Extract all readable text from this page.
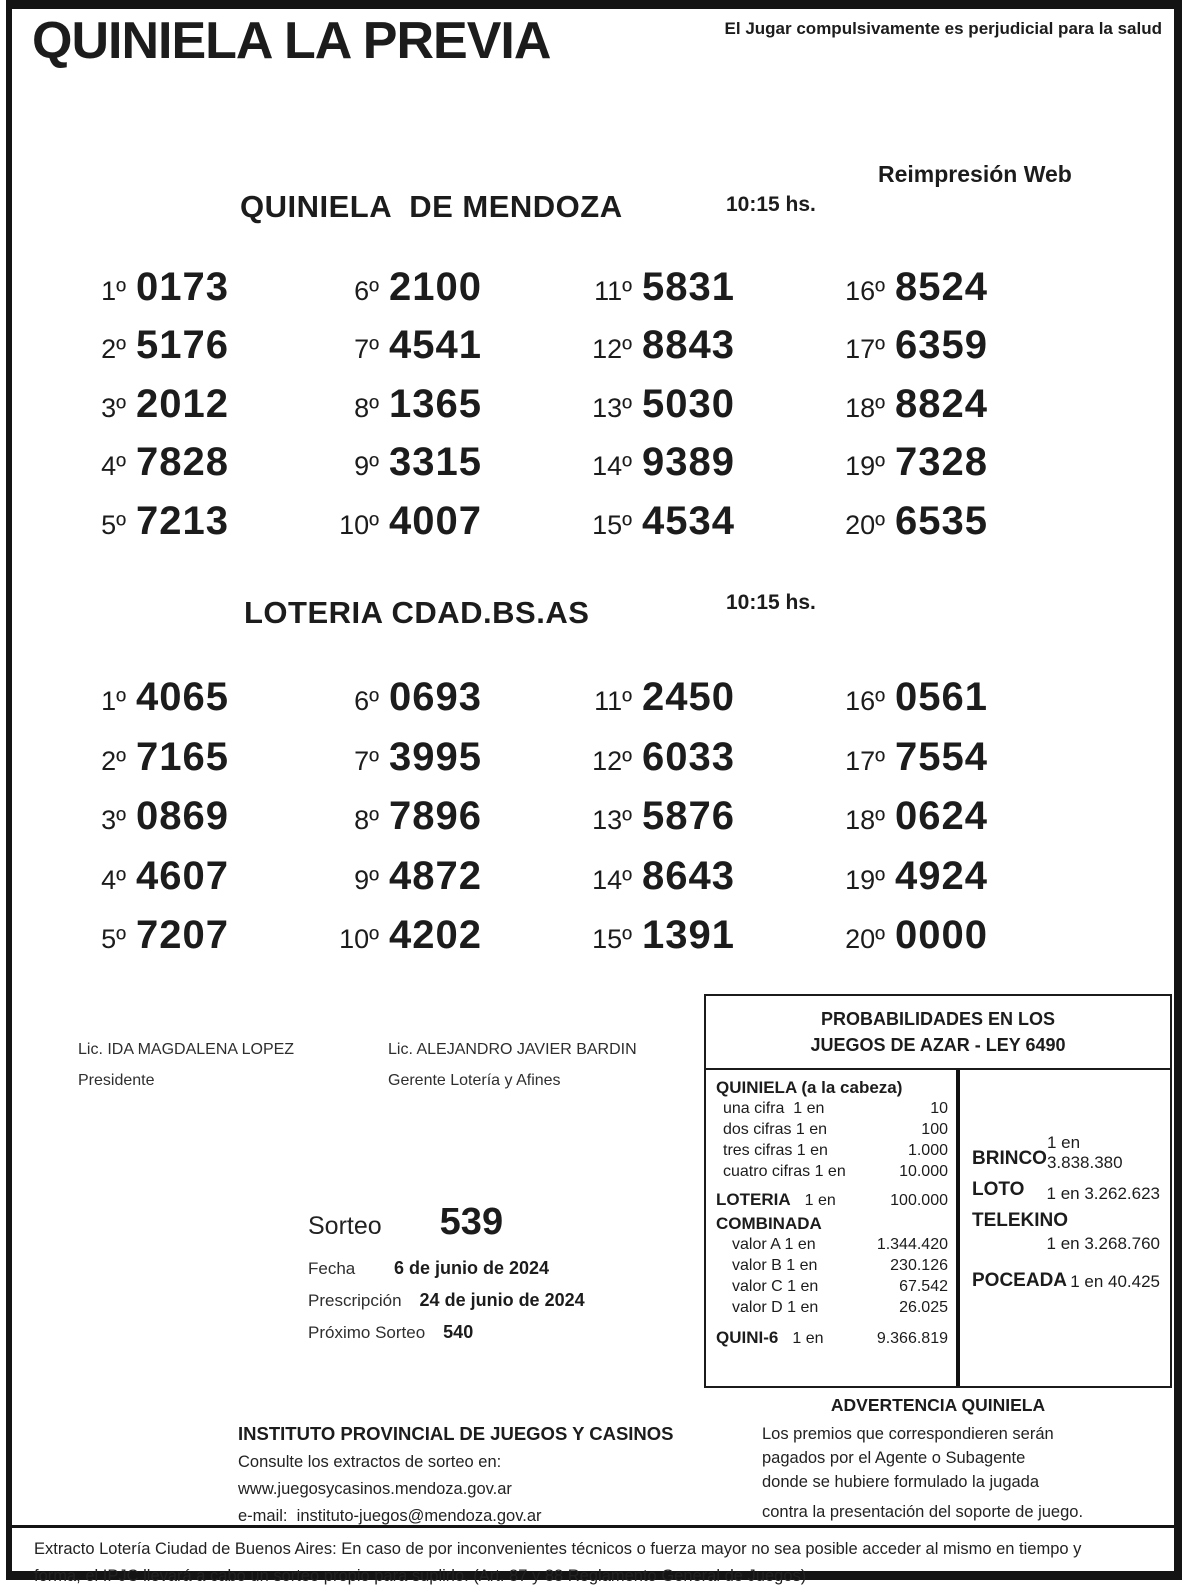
QUINIELA LA PREVIA	El Jugar compulsivamente es perjudicial para la salud
Reimpresión Web
QUINIELA  DE MENDOZA	10:15 hs.
1º 0173
2º 5176
3º 2012
4º 7828
5º 7213
6º 2100
7º 4541
8º 1365
9º 3315
10º 4007
11º 5831
12º 8843
13º 5030
14º 9389
15º 4534
16º 8524
17º 6359
18º 8824
19º 7328
20º 6535
LOTERIA CDAD.BS.AS	10:15 hs.
1º 4065
2º 7165
3º 0869
4º 4607
5º 7207
6º 0693
7º 3995
8º 7896
9º 4872
10º 4202
11º 2450
12º 6033
13º 5876
14º 8643
15º 1391
16º 0561
17º 7554
18º 0624
19º 4924
20º 0000
Lic. IDA MAGDALENA LOPEZ
Presidente
Lic. ALEJANDRO JAVIER BARDIN
Gerente Lotería y Afines
Sorteo 539
Fecha	6 de junio de 2024
Prescripción 24 de junio de 2024
Próximo Sorteo 540
PROBABILIDADES EN LOS
JUEGOS DE AZAR - LEY 6490
QUINIELA (a la cabeza)
una cifra  1 en	10
dos cifras 1 en	100
tres cifras 1 en	1.000
cuatro cifras 1 en	10.000
LOTERIA 1 en	100.000
COMBINADA
valor A 1 en	1.344.420
valor B 1 en	230.126
valor C 1 en	67.542
valor D 1 en	26.025
QUINI-6 1 en	9.366.819
BRINCO
1 en 3.838.380
LOTO 1 en 3.262.623
TELEKINO
1 en 3.268.760
POCEADA 1 en 40.425
ADVERTENCIA QUINIELA
Los premios que correspondieren serán
pagados por el Agente o Subagente
donde se hubiere formulado la jugada
contra la presentación del soporte de juego.
INSTITUTO PROVINCIAL DE JUEGOS Y CASINOS
Consulte los extractos de sorteo en:
www.juegosycasinos.mendoza.gov.ar
e-mail:  instituto-juegos@mendoza.gov.ar
Extracto Lotería Ciudad de Buenos Aires: En caso de por inconvenientes técnicos o fuerza mayor no sea posible acceder al mismo en tiempo y
forma, el IPJC llevará a cabo un sorteo propio para suplirlo. (Art. 87 y 88 Reglamento General de Juegos)
